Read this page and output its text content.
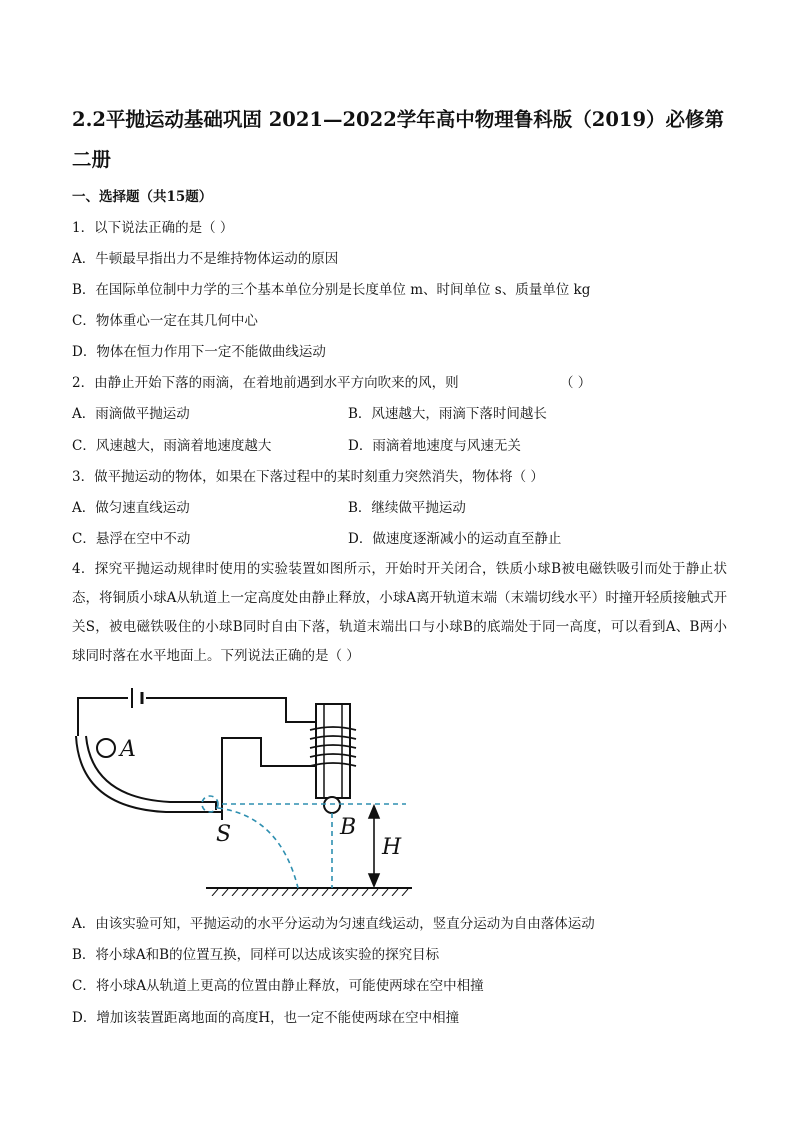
2.2平抛运动基础巩固 2021—2022学年高中物理鲁科版（2019）必修第二册
一、选择题（共15题）
1．以下说法正确的是（ ）
A．牛顿最早指出力不是维持物体运动的原因
B．在国际单位制中力学的三个基本单位分别是长度单位 m、时间单位 s、质量单位 kg
C．物体重心一定在其几何中心
D．物体在恒力作用下一定不能做曲线运动
2．由静止开始下落的雨滴，在着地前遇到水平方向吹来的风，则	（ ）
A．雨滴做平抛运动	B．风速越大，雨滴下落时间越长
C．风速越大，雨滴着地速度越大	D．雨滴着地速度与风速无关
3．做平抛运动的物体，如果在下落过程中的某时刻重力突然消失，物体将（ ）
A．做匀速直线运动	B．继续做平抛运动
C．悬浮在空中不动	D．做速度逐渐减小的运动直至静止
4．探究平抛运动规律时使用的实验装置如图所示，开始时开关闭合，铁质小球B被电磁铁吸引而处于静止状态，将铜质小球A从轨道上一定高度处由静止释放，小球A离开轨道末端（末端切线水平）时撞开轻质接触式开关S，被电磁铁吸住的小球B同时自由下落，轨道末端出口与小球B的底端处于同一高度，可以看到A、B两小球同时落在水平地面上。下列说法正确的是（ ）
A
S	B
H
A．由该实验可知，平抛运动的水平分运动为匀速直线运动，竖直分运动为自由落体运动
B．将小球A和B的位置互换，同样可以达成该实验的探究目标
C．将小球A从轨道上更高的位置由静止释放，可能使两球在空中相撞
D．增加该装置距离地面的高度H，也一定不能使两球在空中相撞
